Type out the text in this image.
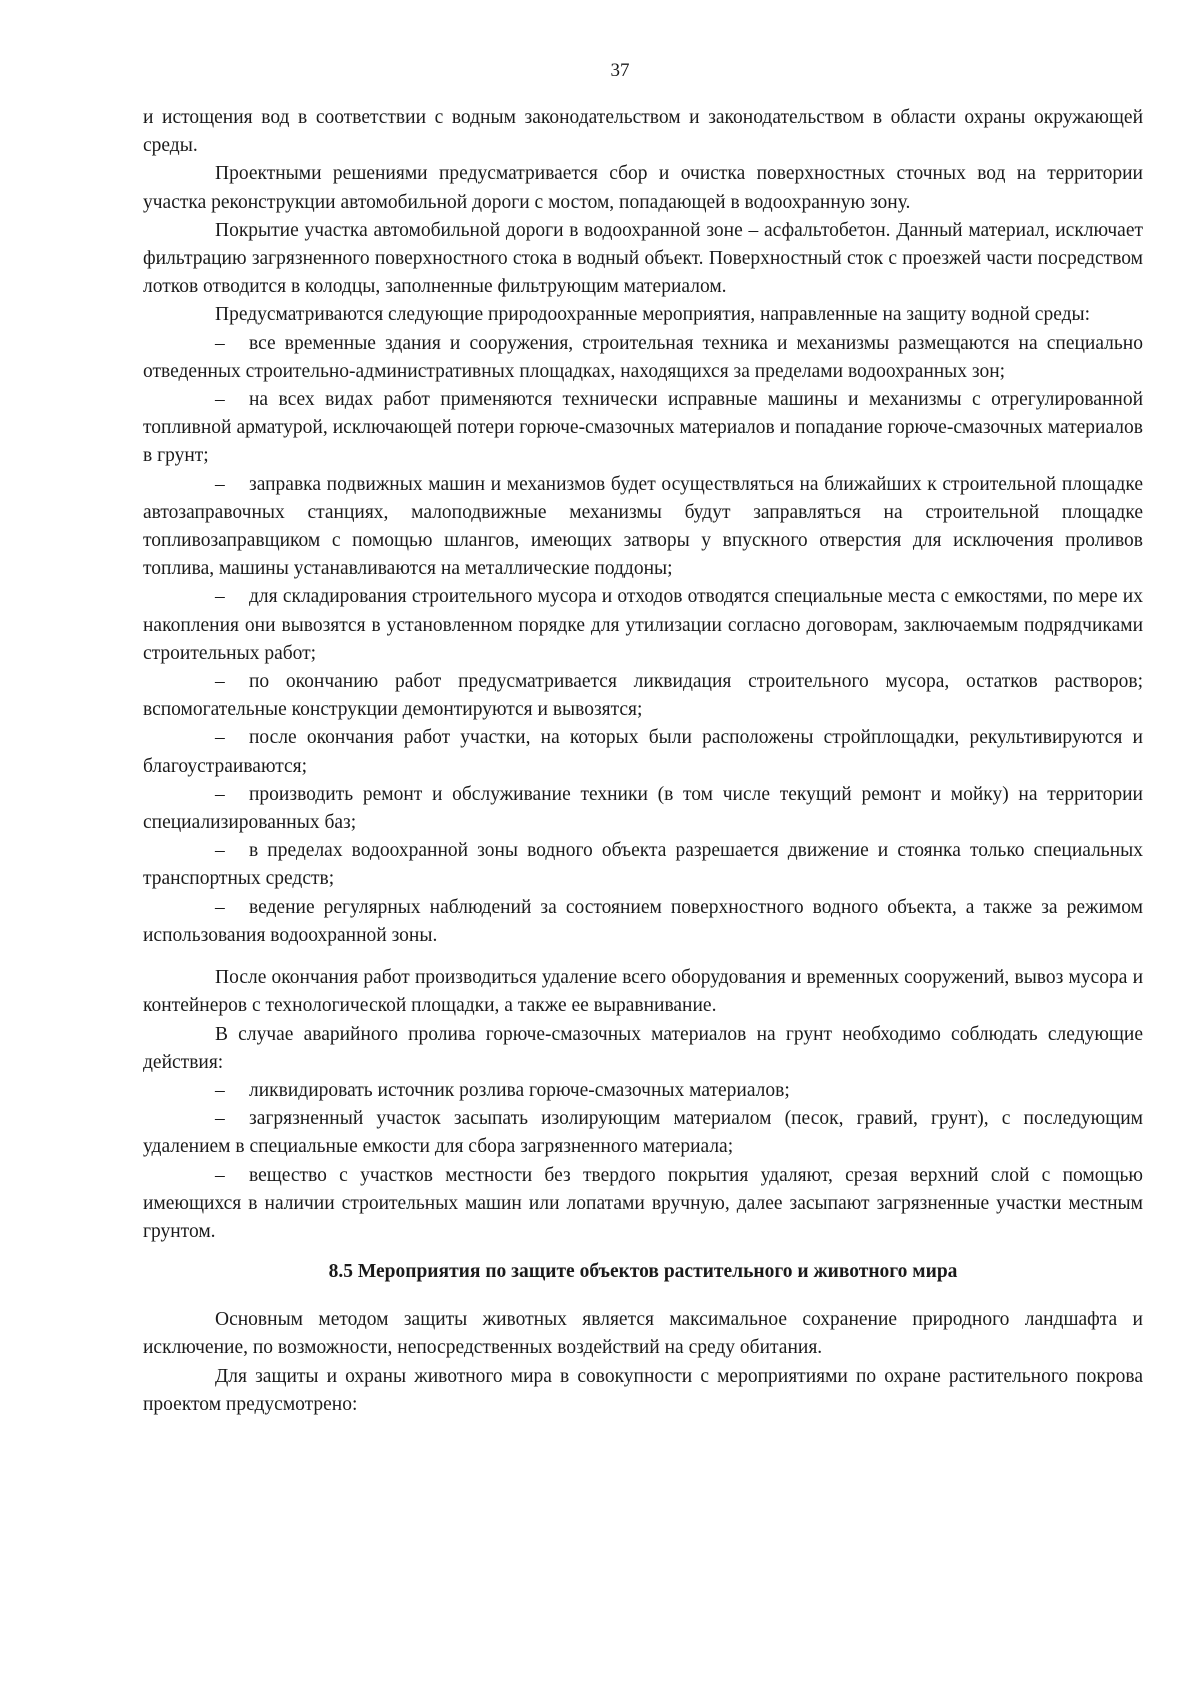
37

и истощения вод в соответствии с водным законодательством и законодательством в области охраны окружающей среды.

Проектными решениями предусматривается сбор и очистка поверхностных сточных вод на территории участка реконструкции автомобильной дороги с мостом, попадающей в водоохранную зону.

Покрытие участка автомобильной дороги в водоохранной зоне – асфальтобетон. Данный материал, исключает фильтрацию загрязненного поверхностного стока в водный объект. Поверхностный сток с проезжей части посредством лотков отводится в колодцы, заполненные фильтрующим материалом.

Предусматриваются следующие природоохранные мероприятия, направленные на защиту водной среды:

– все временные здания и сооружения, строительная техника и механизмы размещаются на специально отведенных строительно-административных площадках, находящихся за пределами водоохранных зон;

– на всех видах работ применяются технически исправные машины и механизмы с отрегулированной топливной арматурой, исключающей потери горюче-смазочных материалов и попадание горюче-смазочных материалов в грунт;

– заправка подвижных машин и механизмов будет осуществляться на ближайших к строительной площадке автозаправочных станциях, малоподвижные механизмы будут заправляться на строительной площадке топливозаправщиком с помощью шлангов, имеющих затворы у впускного отверстия для исключения проливов топлива, машины устанавливаются на металлические поддоны;

– для складирования строительного мусора и отходов отводятся специальные места с емкостями, по мере их накопления они вывозятся в установленном порядке для утилизации согласно договорам, заключаемым подрядчиками строительных работ;

– по окончанию работ предусматривается ликвидация строительного мусора, остатков растворов; вспомогательные конструкции демонтируются и вывозятся;

– после окончания работ участки, на которых были расположены стройплощадки, рекультивируются и благоустраиваются;

– производить ремонт и обслуживание техники (в том числе текущий ремонт и мойку) на территории специализированных баз;

– в пределах водоохранной зоны водного объекта разрешается движение и стоянка только специальных транспортных средств;

– ведение регулярных наблюдений за состоянием поверхностного водного объекта, а также за режимом использования водоохранной зоны.

После окончания работ производиться удаление всего оборудования и временных сооружений, вывоз мусора и контейнеров с технологической площадки, а также ее выравнивание.

В случае аварийного пролива горюче-смазочных материалов на грунт необходимо соблюдать следующие действия:

– ликвидировать источник розлива горюче-смазочных материалов;

– загрязненный участок засыпать изолирующим материалом (песок, гравий, грунт), с последующим удалением в специальные емкости для сбора загрязненного материала;

– вещество с участков местности без твердого покрытия удаляют, срезая верхний слой с помощью имеющихся в наличии строительных машин или лопатами вручную, далее засыпают загрязненные участки местным грунтом.

8.5 Мероприятия по защите объектов растительного и животного мира

Основным методом защиты животных является максимальное сохранение природного ландшафта и исключение, по возможности, непосредственных воздействий на среду обитания.

Для защиты и охраны животного мира в совокупности с мероприятиями по охране растительного покрова проектом предусмотрено:
